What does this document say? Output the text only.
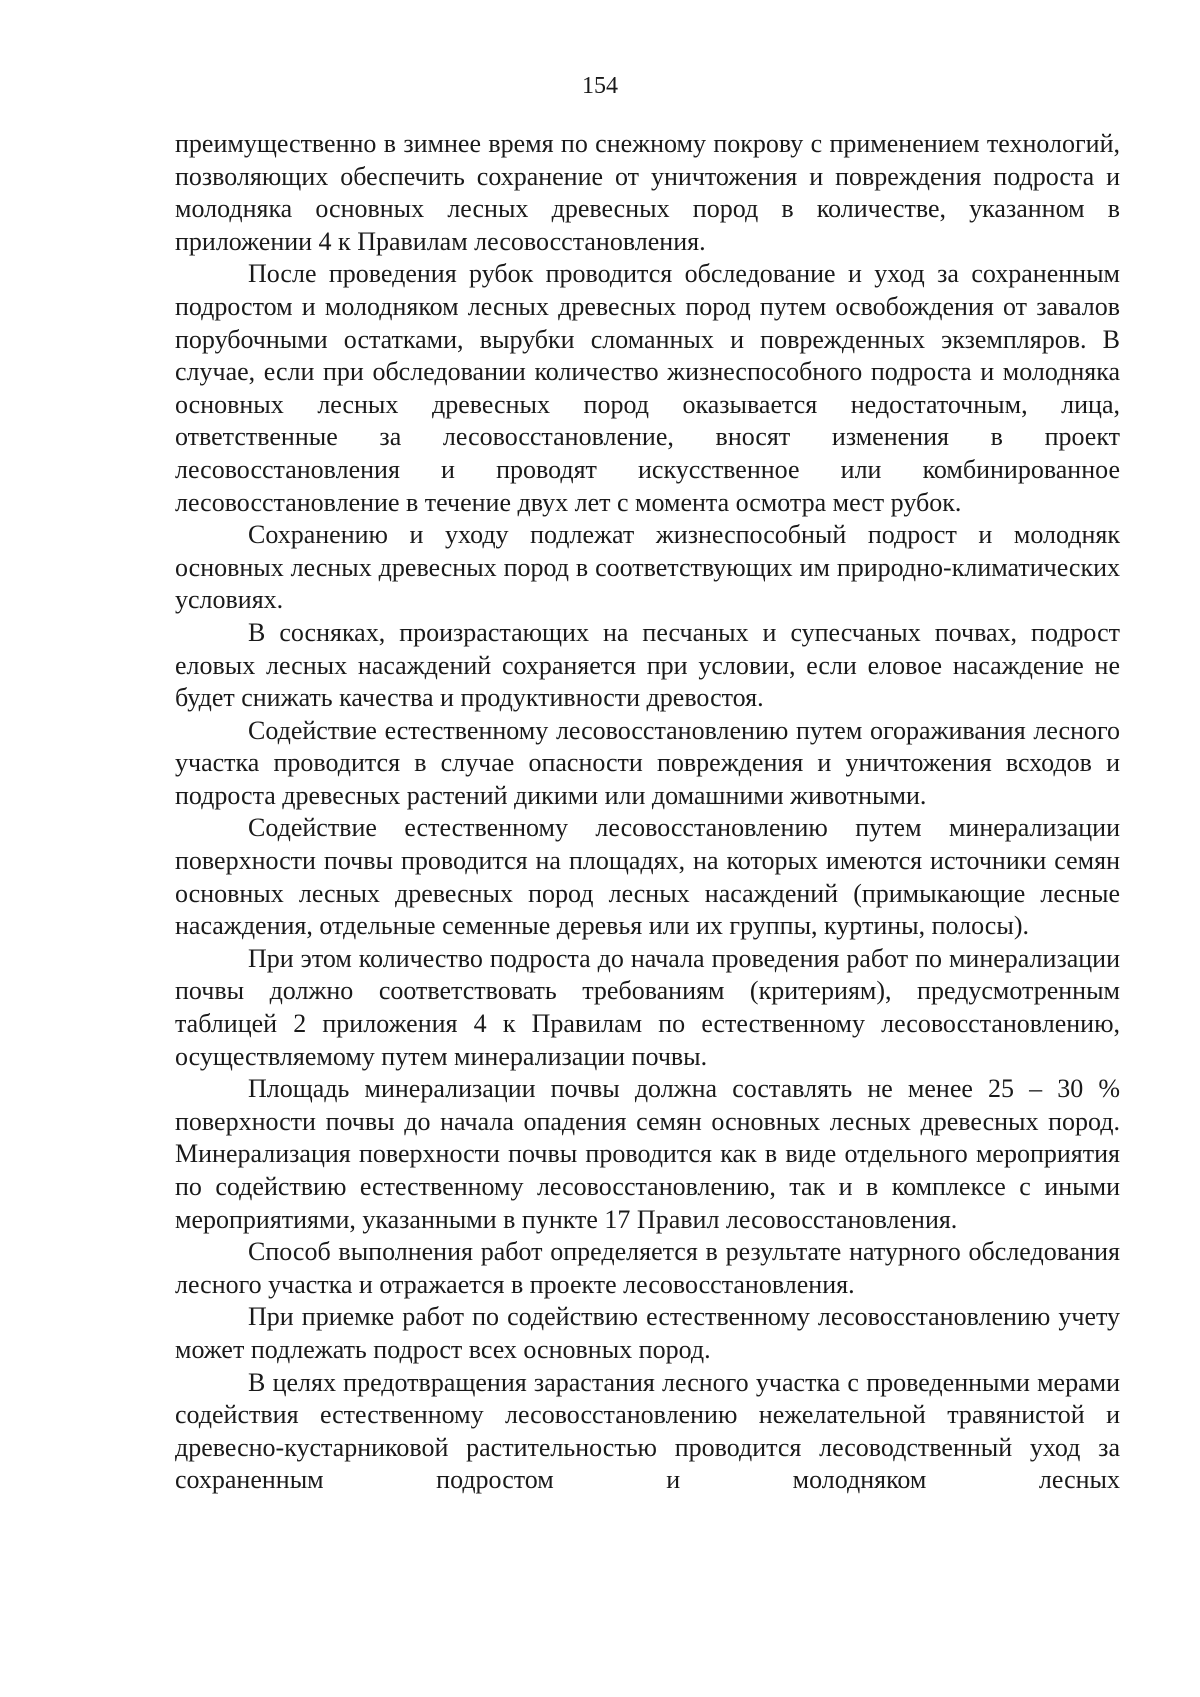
154

преимущественно в зимнее время по снежному покрову с применением технологий, позволяющих обеспечить сохранение от уничтожения и повреждения подроста и молодняка основных лесных древесных пород в количестве, указанном в приложении 4 к Правилам лесовосстановления.

После проведения рубок проводится обследование и уход за сохраненным подростом и молодняком лесных древесных пород путем освобождения от завалов порубочными остатками, вырубки сломанных и поврежденных экземпляров. В случае, если при обследовании количество жизнеспособного подроста и молодняка основных лесных древесных пород оказывается недостаточным, лица, ответственные за лесовосстановление, вносят изменения в проект лесовосстановления и проводят искусственное или комбинированное лесовосстановление в течение двух лет с момента осмотра мест рубок.

Сохранению и уходу подлежат жизнеспособный подрост и молодняк основных лесных древесных пород в соответствующих им природно-климатических условиях.

В сосняках, произрастающих на песчаных и супесчаных почвах, подрост еловых лесных насаждений сохраняется при условии, если еловое насаждение не будет снижать качества и продуктивности древостоя.

Содействие естественному лесовосстановлению путем огораживания лесного участка проводится в случае опасности повреждения и уничтожения всходов и подроста древесных растений дикими или домашними животными.

Содействие естественному лесовосстановлению путем минерализации поверхности почвы проводится на площадях, на которых имеются источники семян основных лесных древесных пород лесных насаждений (примыкающие лесные насаждения, отдельные семенные деревья или их группы, куртины, полосы).

При этом количество подроста до начала проведения работ по минерализации почвы должно соответствовать требованиям (критериям), предусмотренным таблицей 2 приложения 4 к Правилам по естественному лесовосстановлению, осуществляемому путем минерализации почвы.

Площадь минерализации почвы должна составлять не менее 25 – 30 % поверхности почвы до начала опадения семян основных лесных древесных пород. Минерализация поверхности почвы проводится как в виде отдельного мероприятия по содействию естественному лесовосстановлению, так и в комплексе с иными мероприятиями, указанными в пункте 17 Правил лесовосстановления.

Способ выполнения работ определяется в результате натурного обследования лесного участка и отражается в проекте лесовосстановления.

При приемке работ по содействию естественному лесовосстановлению учету может подлежать подрост всех основных пород.

В целях предотвращения зарастания лесного участка с проведенными мерами содействия естественному лесовосстановлению нежелательной травянистой и древесно-кустарниковой растительностью проводится лесоводственный уход за сохраненным подростом и молодняком лесных
